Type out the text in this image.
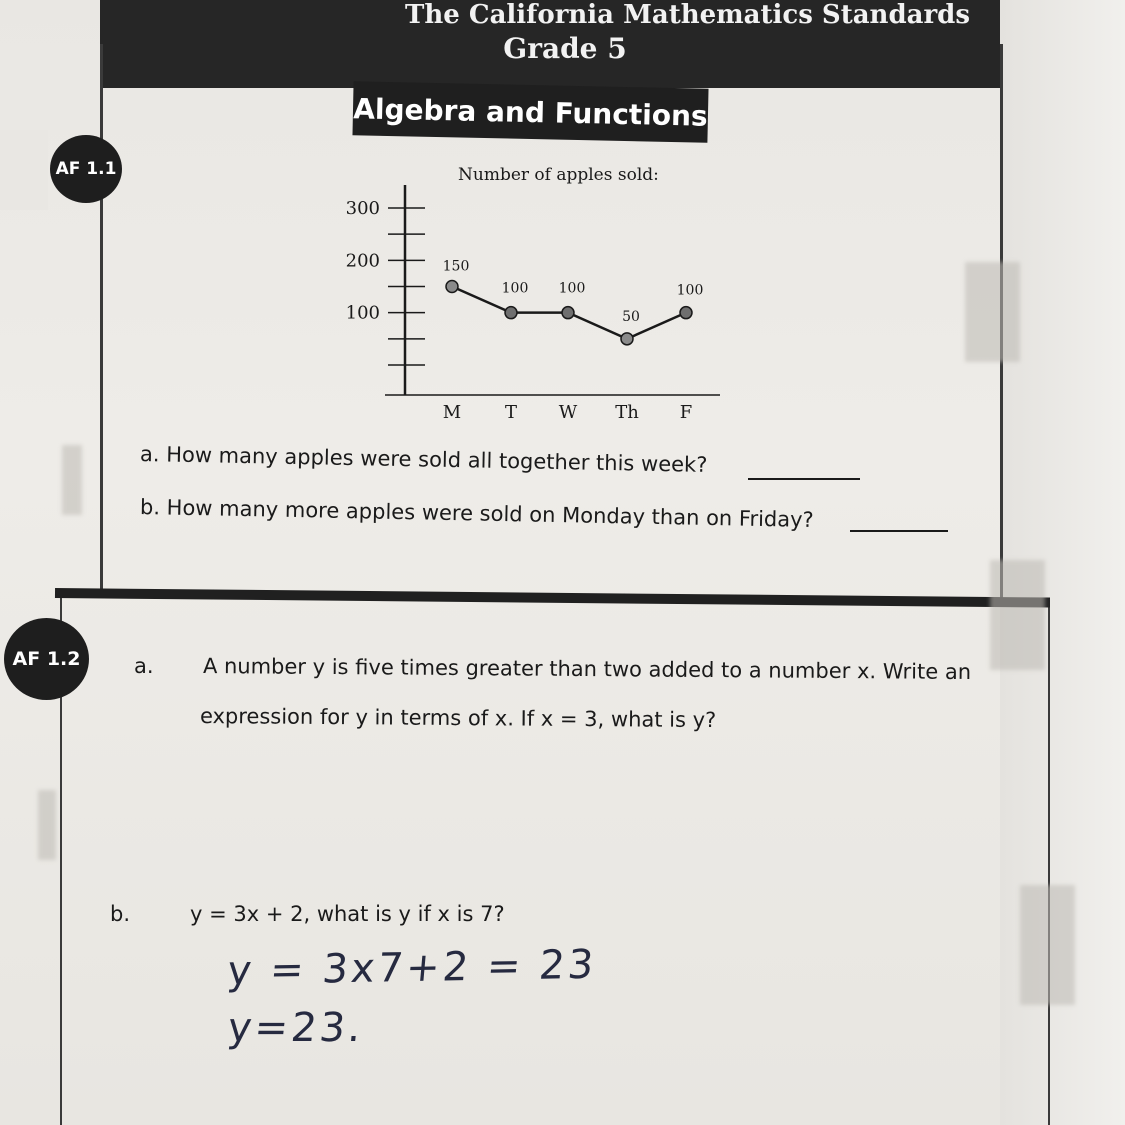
The California Mathematics Standards
Grade 5
Algebra and Functions
AF 1.1	Number of apples sold:
300
200
100
150
M
100
T
100
W
50
Th
100
F
a. How many apples were sold all together this week?
b. How many more apples were sold on Monday than on Friday?
AF 1.2	a. A number y is five times greater than two added to a number x. Write an
expression for y in terms of x. If x = 3, what is y?
b.	y = 3x + 2, what is y if x is 7?
y = 3x7+2 = 23
y=23.
